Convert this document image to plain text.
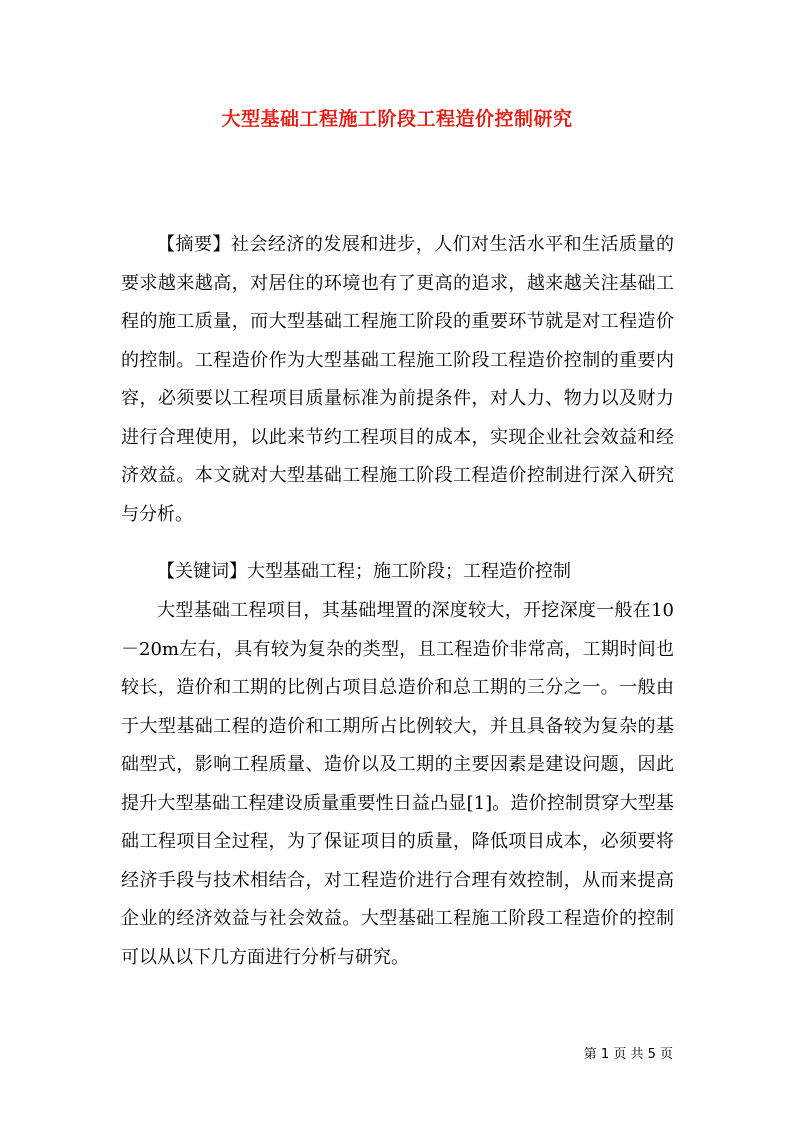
大型基础工程施工阶段工程造价控制研究

【摘要】社会经济的发展和进步，人们对生活水平和生活质量的要求越来越高，对居住的环境也有了更高的追求，越来越关注基础工程的施工质量，而大型基础工程施工阶段的重要环节就是对工程造价的控制。工程造价作为大型基础工程施工阶段工程造价控制的重要内容，必须要以工程项目质量标准为前提条件，对人力、物力以及财力进行合理使用，以此来节约工程项目的成本，实现企业社会效益和经济效益。本文就对大型基础工程施工阶段工程造价控制进行深入研究与分析。

【关键词】大型基础工程；施工阶段；工程造价控制

大型基础工程项目，其基础埋置的深度较大，开挖深度一般在10－20m左右，具有较为复杂的类型，且工程造价非常高，工期时间也较长，造价和工期的比例占项目总造价和总工期的三分之一。一般由于大型基础工程的造价和工期所占比例较大，并且具备较为复杂的基础型式，影响工程质量、造价以及工期的主要因素是建设问题，因此提升大型基础工程建设质量重要性日益凸显[1]。造价控制贯穿大型基础工程项目全过程，为了保证项目的质量，降低项目成本，必须要将经济手段与技术相结合，对工程造价进行合理有效控制，从而来提高企业的经济效益与社会效益。大型基础工程施工阶段工程造价的控制可以从以下几方面进行分析与研究。

第 1 页 共 5 页
